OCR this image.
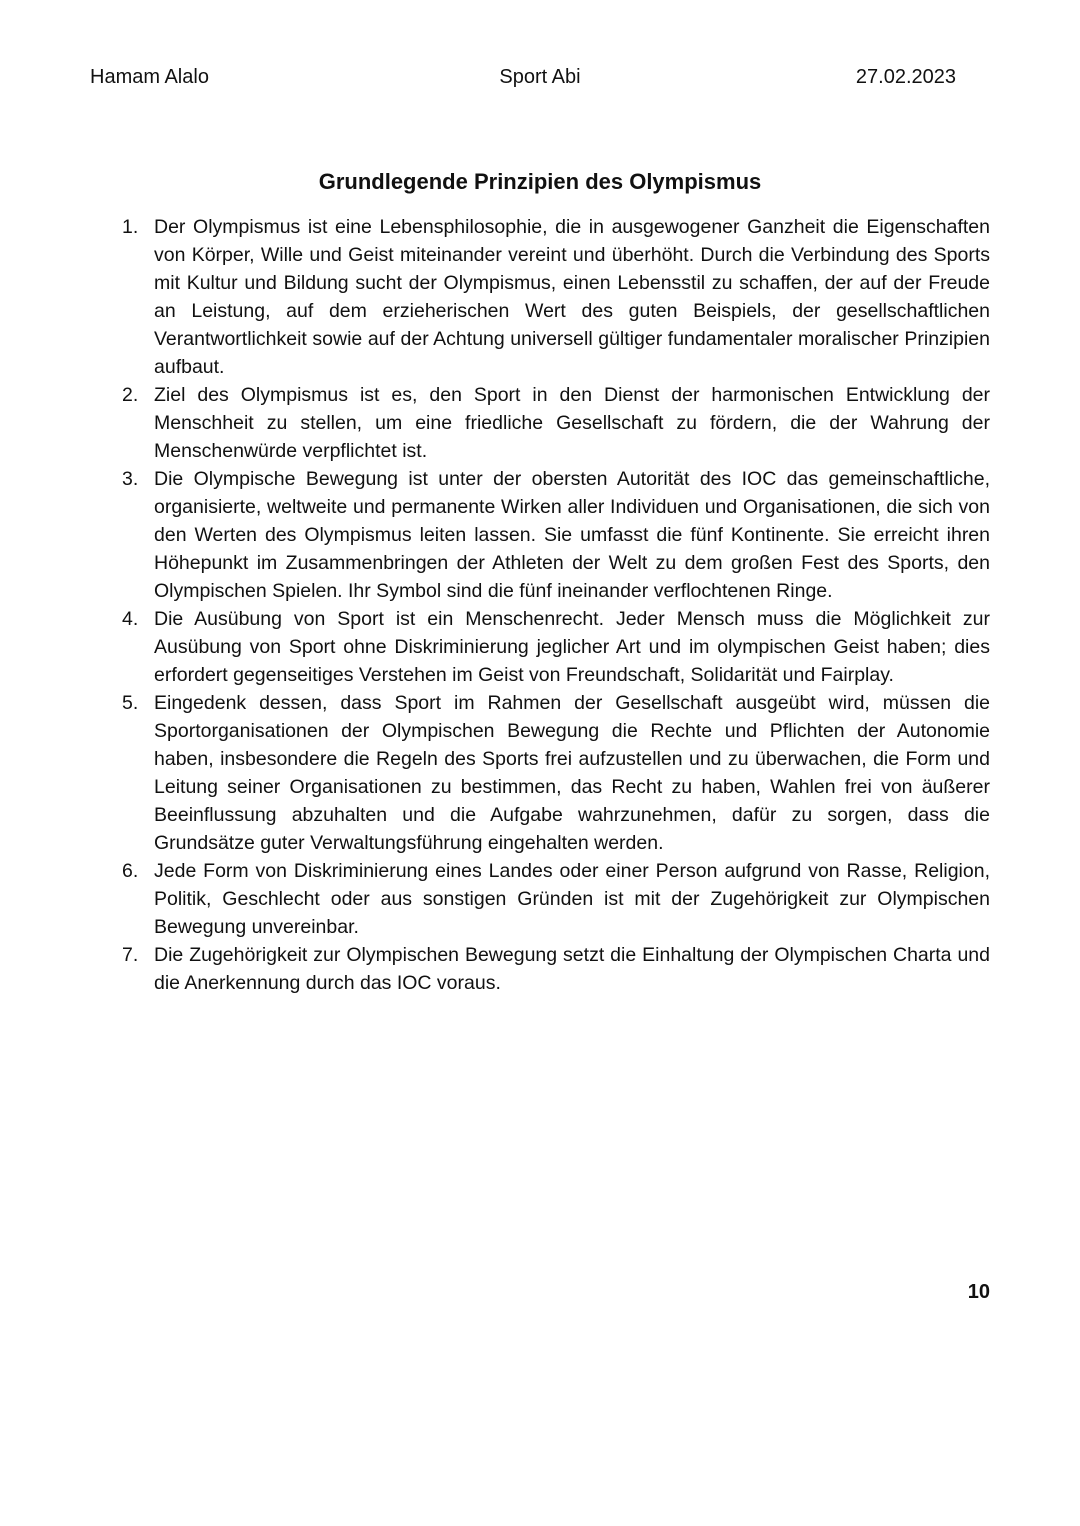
Hamam Alalo	Sport Abi	27.02.2023
Grundlegende Prinzipien des Olympismus
1. Der Olympismus ist eine Lebensphilosophie, die in ausgewogener Ganzheit die Eigenschaften von Körper, Wille und Geist miteinander vereint und überhöht. Durch die Verbindung des Sports mit Kultur und Bildung sucht der Olympismus, einen Lebensstil zu schaffen, der auf der Freude an Leistung, auf dem erzieherischen Wert des guten Beispiels, der gesellschaftlichen Verantwortlichkeit sowie auf der Achtung universell gültiger fundamentaler moralischer Prinzipien aufbaut.
2. Ziel des Olympismus ist es, den Sport in den Dienst der harmonischen Entwicklung der Menschheit zu stellen, um eine friedliche Gesellschaft zu fördern, die der Wahrung der Menschenwürde verpflichtet ist.
3. Die Olympische Bewegung ist unter der obersten Autorität des IOC das gemeinschaftliche, organisierte, weltweite und permanente Wirken aller Individuen und Organisationen, die sich von den Werten des Olympismus leiten lassen. Sie umfasst die fünf Kontinente. Sie erreicht ihren Höhepunkt im Zusammenbringen der Athleten der Welt zu dem großen Fest des Sports, den Olympischen Spielen. Ihr Symbol sind die fünf ineinander verflochtenen Ringe.
4. Die Ausübung von Sport ist ein Menschenrecht. Jeder Mensch muss die Möglichkeit zur Ausübung von Sport ohne Diskriminierung jeglicher Art und im olympischen Geist haben; dies erfordert gegenseitiges Verstehen im Geist von Freundschaft, Solidarität und Fairplay.
5. Eingedenk dessen, dass Sport im Rahmen der Gesellschaft ausgeübt wird, müssen die Sportorganisationen der Olympischen Bewegung die Rechte und Pflichten der Autonomie haben, insbesondere die Regeln des Sports frei aufzustellen und zu überwachen, die Form und Leitung seiner Organisationen zu bestimmen, das Recht zu haben, Wahlen frei von äußerer Beeinflussung abzuhalten und die Aufgabe wahrzunehmen, dafür zu sorgen, dass die Grundsätze guter Verwaltungsführung eingehalten werden.
6. Jede Form von Diskriminierung eines Landes oder einer Person aufgrund von Rasse, Religion, Politik, Geschlecht oder aus sonstigen Gründen ist mit der Zugehörigkeit zur Olympischen Bewegung unvereinbar.
7. Die Zugehörigkeit zur Olympischen Bewegung setzt die Einhaltung der Olympischen Charta und die Anerkennung durch das IOC voraus.
10
